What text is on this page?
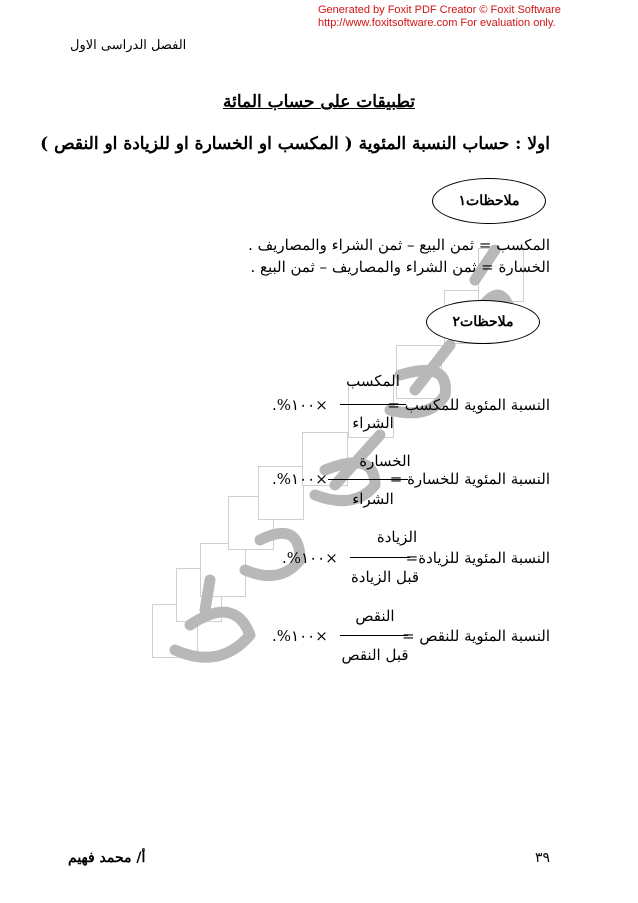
Generated by Foxit PDF Creator © Foxit Software
http://www.foxitsoftware.com For evaluation only.
الفصل الدراسى الاول
تطبيقات على حساب المائة
اولا : حساب النسبة المئوية ( المكسب او الخسارة او للزيادة او النقص )
ملاحظات١
المكسب = ثمن البيع – ثمن الشراء والمصاريف .
الخسارة = ثمن الشراء والمصاريف – ثمن البيع .
ملاحظات٢
النسبة المئوية للمكسب =
المكسب
الشراء
×١٠٠%.
النسبة المئوية للخسارة =
الخسارة
الشراء
×١٠٠%.
النسبة المئوية للزيادة=
الزيادة
قبل الزيادة
×١٠٠%.
النسبة المئوية للنقص =
النقص
قبل النقص
×١٠٠%.
أ/ محمد فهيم	٣٩
